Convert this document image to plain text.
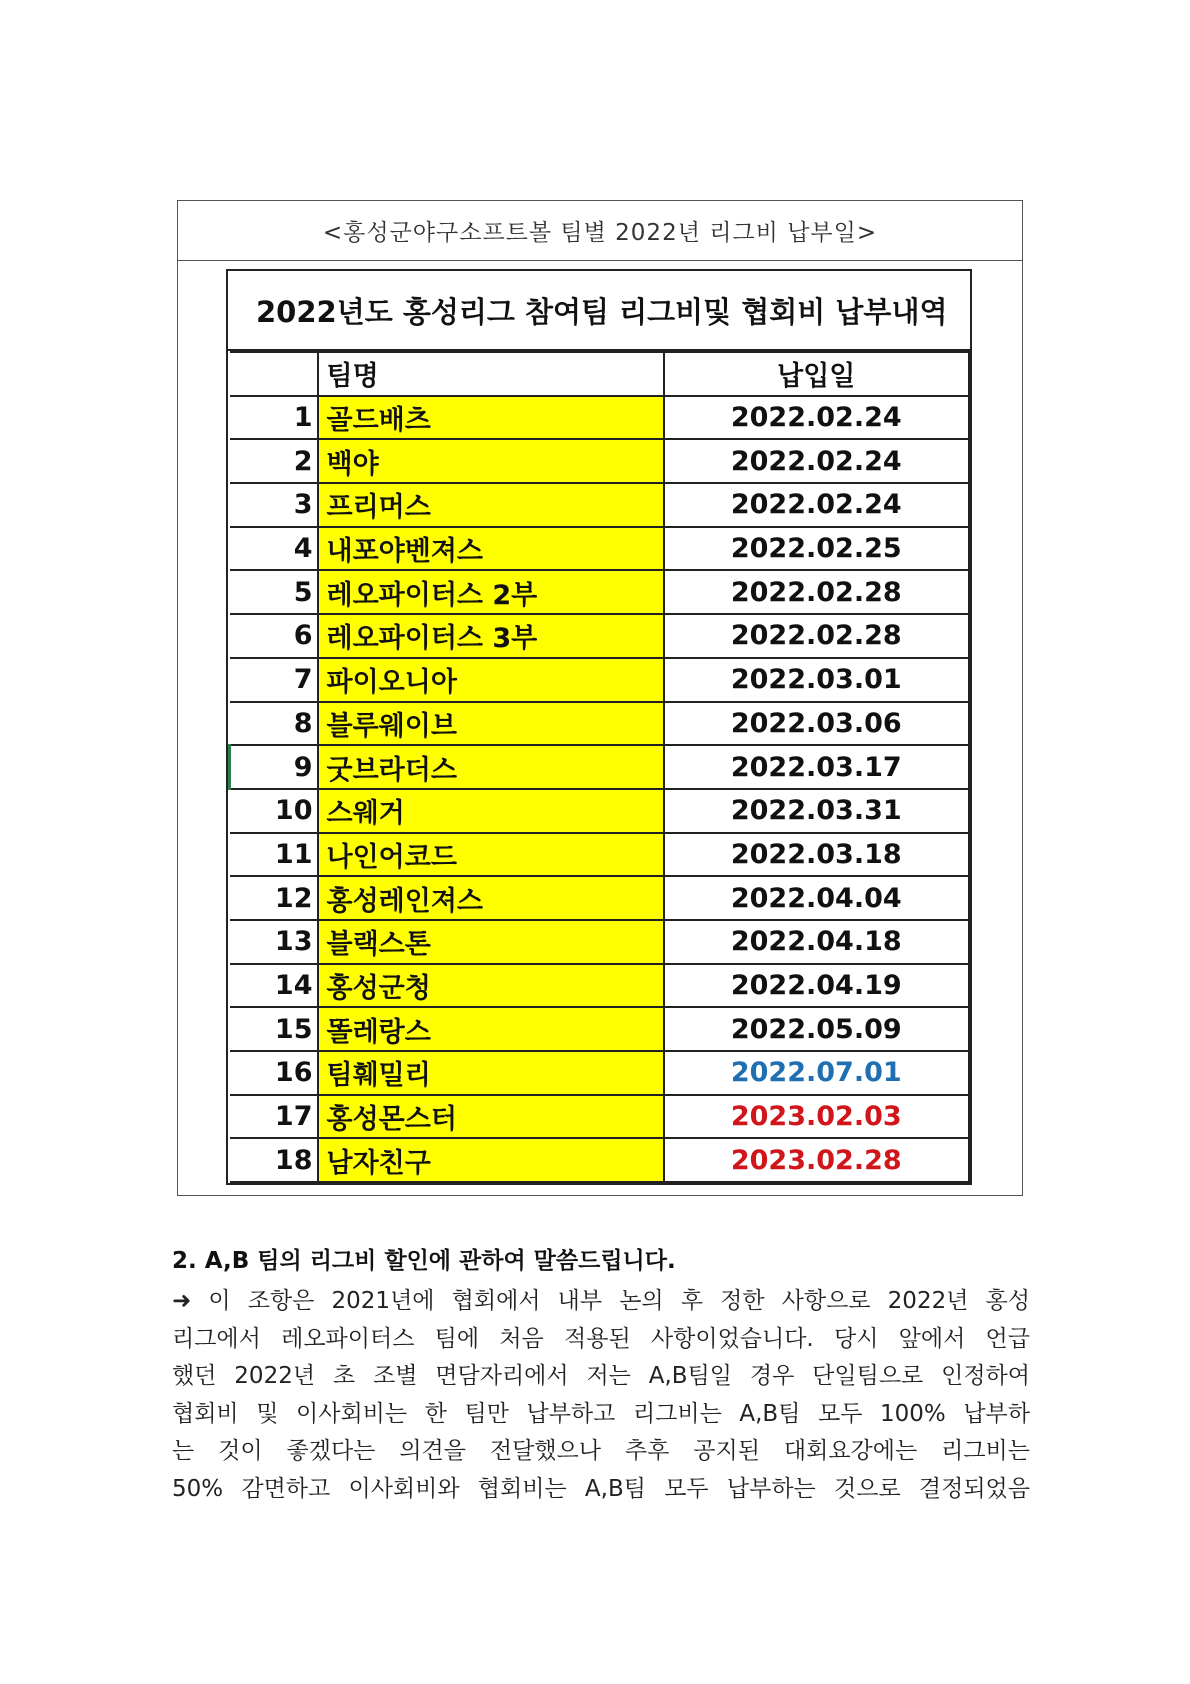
<홍성군야구소프트볼 팀별 2022년 리그비 납부일>
2022년도 홍성리그 참여팀 리그비및 협회비 납부내역
	팀명	납입일
1	골드배츠	2022.02.24
2	백야	2022.02.24
3	프리머스	2022.02.24
4	내포야벤져스	2022.02.25
5	레오파이터스 2부	2022.02.28
6	레오파이터스 3부	2022.02.28
7	파이오니아	2022.03.01
8	블루웨이브	2022.03.06
9	굿브라더스	2022.03.17
10	스웨거	2022.03.31
11	나인어코드	2022.03.18
12	홍성레인져스	2022.04.04
13	블랙스톤	2022.04.18
14	홍성군청	2022.04.19
15	똘레랑스	2022.05.09
16	팀훼밀리	2022.07.01
17	홍성몬스터	2023.02.03
18	남자친구	2023.02.28
2. A,B 팀의 리그비 할인에 관하여 말씀드립니다.
➜ 이 조항은 2021년에 협회에서 내부 논의 후 정한 사항으로 2022년 홍성
리그에서 레오파이터스 팀에 처음 적용된 사항이었습니다. 당시 앞에서 언급
했던 2022년 초 조별 면담자리에서 저는 A,B팀일 경우 단일팀으로 인정하여
협회비 및 이사회비는 한 팀만 납부하고 리그비는 A,B팀 모두 100% 납부하
는 것이 좋겠다는 의견을 전달했으나 추후 공지된 대회요강에는 리그비는
50% 감면하고 이사회비와 협회비는 A,B팀 모두 납부하는 것으로 결정되었음
